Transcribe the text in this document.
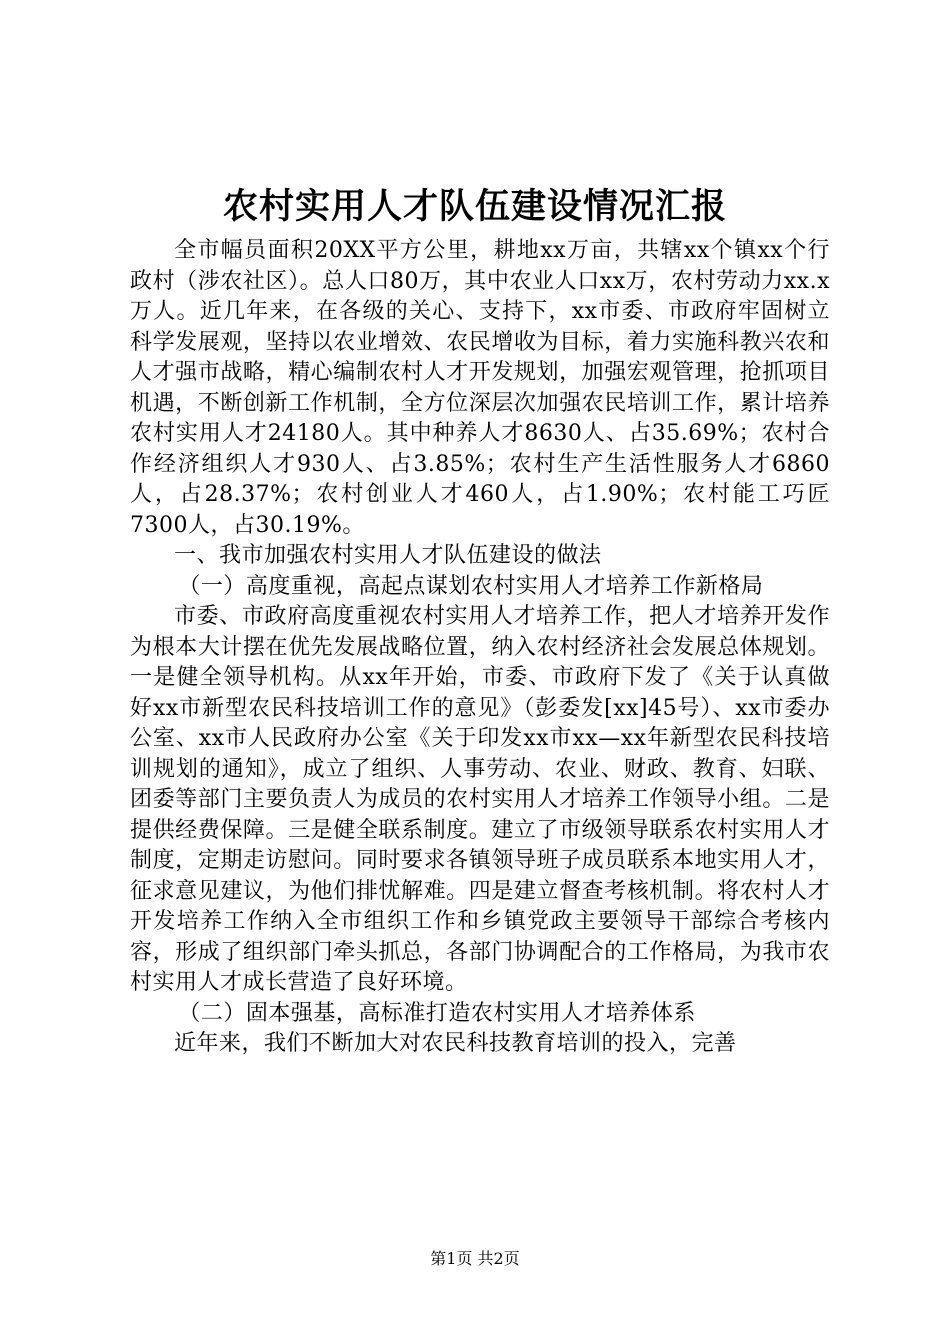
农村实用人才队伍建设情况汇报

全市幅员面积20XX平方公里，耕地xx万亩，共辖xx个镇xx个行政村（涉农社区）。总人口80万，其中农业人口xx万，农村劳动力xx.x万人。近几年来，在各级的关心、支持下，xx市委、市政府牢固树立科学发展观，坚持以农业增效、农民增收为目标，着力实施科教兴农和人才强市战略，精心编制农村人才开发规划，加强宏观管理，抢抓项目机遇，不断创新工作机制，全方位深层次加强农民培训工作，累计培养农村实用人才24180人。其中种养人才8630人、占35.69%；农村合作经济组织人才930人、占3.85%；农村生产生活性服务人才6860人，占28.37%；农村创业人才460人，占1.90%；农村能工巧匠7300人，占30.19%。

一、我市加强农村实用人才队伍建设的做法

（一）高度重视，高起点谋划农村实用人才培养工作新格局

市委、市政府高度重视农村实用人才培养工作，把人才培养开发作为根本大计摆在优先发展战略位置，纳入农村经济社会发展总体规划。一是健全领导机构。从xx年开始，市委、市政府下发了《关于认真做好xx市新型农民科技培训工作的意见》（彭委发[xx]45号）、xx市委办公室、xx市人民政府办公室《关于印发xx市xx—xx年新型农民科技培训规划的通知》，成立了组织、人事劳动、农业、财政、教育、妇联、团委等部门主要负责人为成员的农村实用人才培养工作领导小组。二是提供经费保障。三是健全联系制度。建立了市级领导联系农村实用人才制度，定期走访慰问。同时要求各镇领导班子成员联系本地实用人才，征求意见建议，为他们排忧解难。四是建立督查考核机制。将农村人才开发培养工作纳入全市组织工作和乡镇党政主要领导干部综合考核内容，形成了组织部门牵头抓总，各部门协调配合的工作格局，为我市农村实用人才成长营造了良好环境。

（二）固本强基，高标准打造农村实用人才培养体系

近年来，我们不断加大对农民科技教育培训的投入，完善

第1页 共2页
